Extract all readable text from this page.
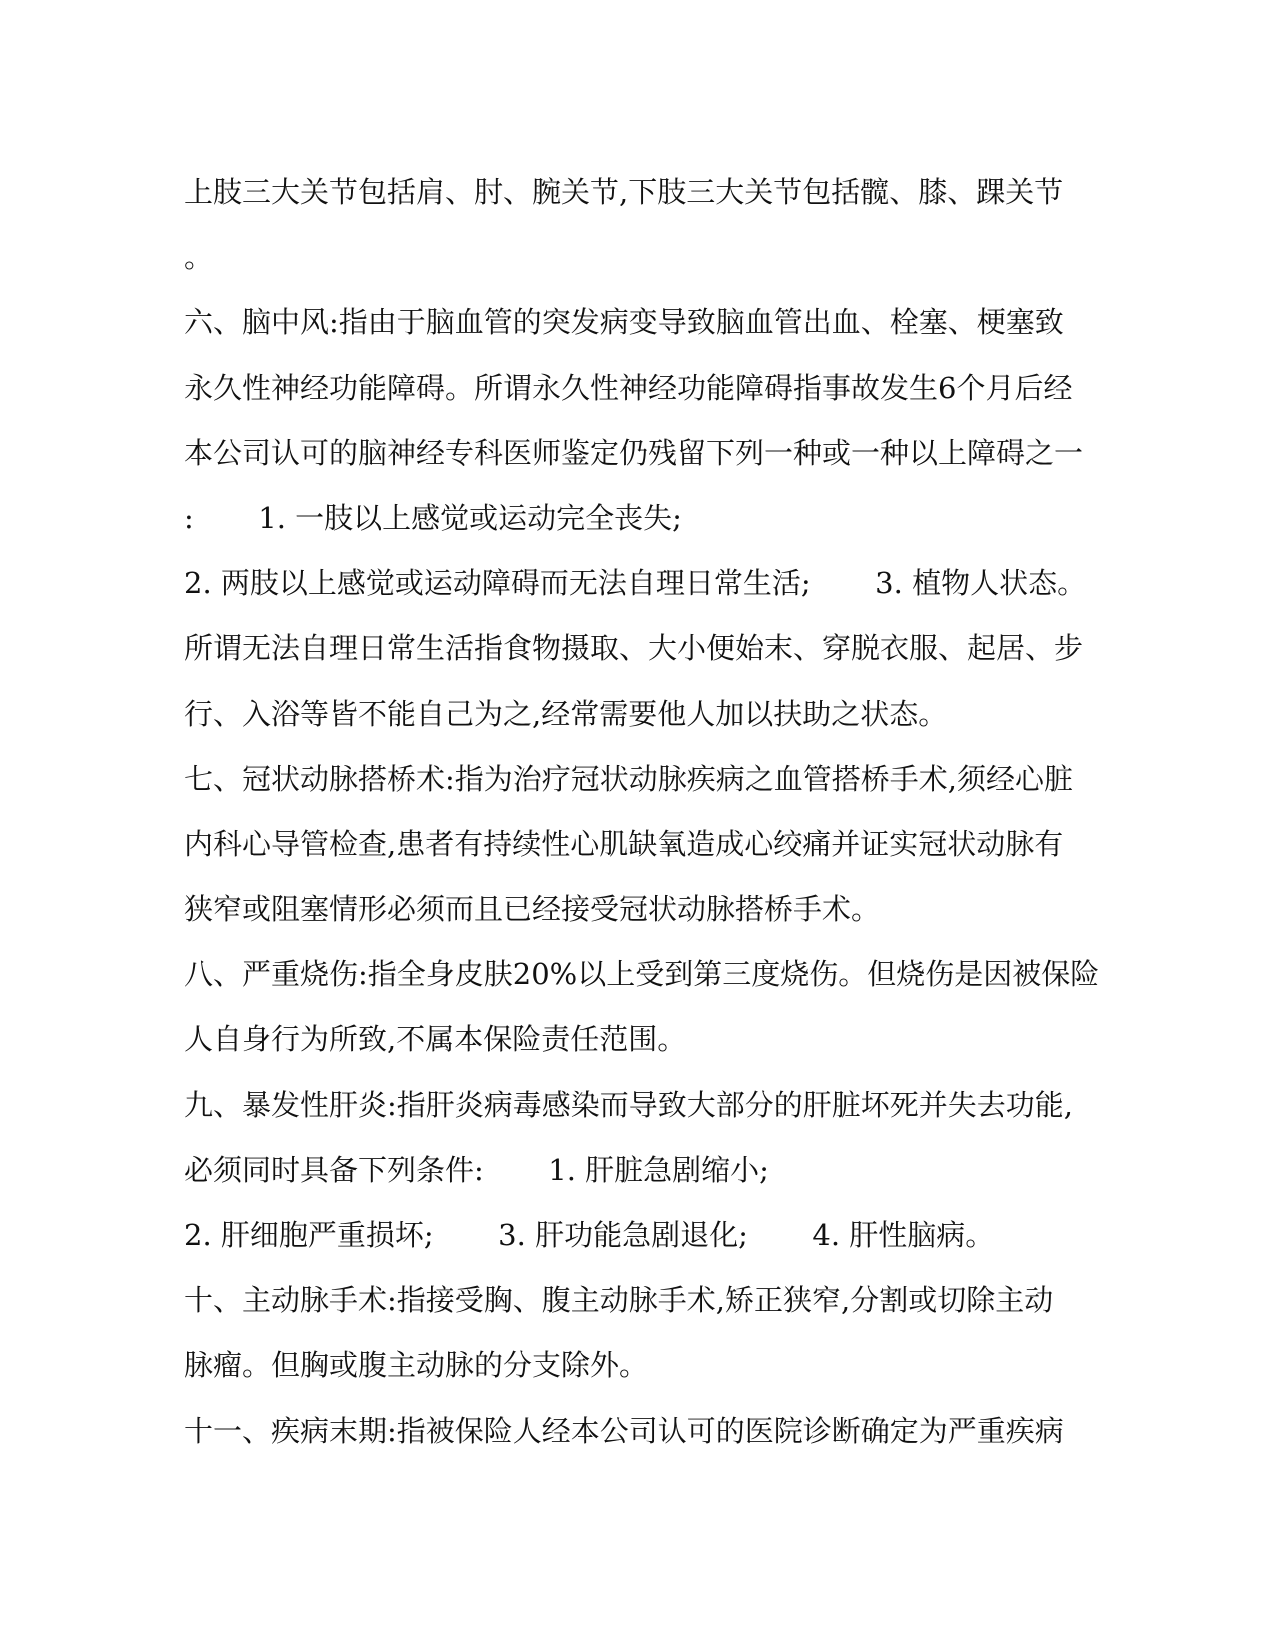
上肢三大关节包括肩、肘、腕关节,下肢三大关节包括髋、膝、踝关节
。
六、脑中风:指由于脑血管的突发病变导致脑血管出血、栓塞、梗塞致
永久性神经功能障碍。所谓永久性神经功能障碍指事故发生6个月后经
本公司认可的脑神经专科医师鉴定仍残留下列一种或一种以上障碍之一
:       1. 一肢以上感觉或运动完全丧失;
2. 两肢以上感觉或运动障碍而无法自理日常生活;       3. 植物人状态。
所谓无法自理日常生活指食物摄取、大小便始末、穿脱衣服、起居、步
行、入浴等皆不能自己为之,经常需要他人加以扶助之状态。
七、冠状动脉搭桥术:指为治疗冠状动脉疾病之血管搭桥手术,须经心脏
内科心导管检查,患者有持续性心肌缺氧造成心绞痛并证实冠状动脉有
狭窄或阻塞情形必须而且已经接受冠状动脉搭桥手术。
八、严重烧伤:指全身皮肤20%以上受到第三度烧伤。但烧伤是因被保险
人自身行为所致,不属本保险责任范围。
九、暴发性肝炎:指肝炎病毒感染而导致大部分的肝脏坏死并失去功能,
必须同时具备下列条件:       1. 肝脏急剧缩小;
2. 肝细胞严重损坏;       3. 肝功能急剧退化;       4. 肝性脑病。
十、主动脉手术:指接受胸、腹主动脉手术,矫正狭窄,分割或切除主动
脉瘤。但胸或腹主动脉的分支除外。
十一、疾病末期:指被保险人经本公司认可的医院诊断确定为严重疾病
